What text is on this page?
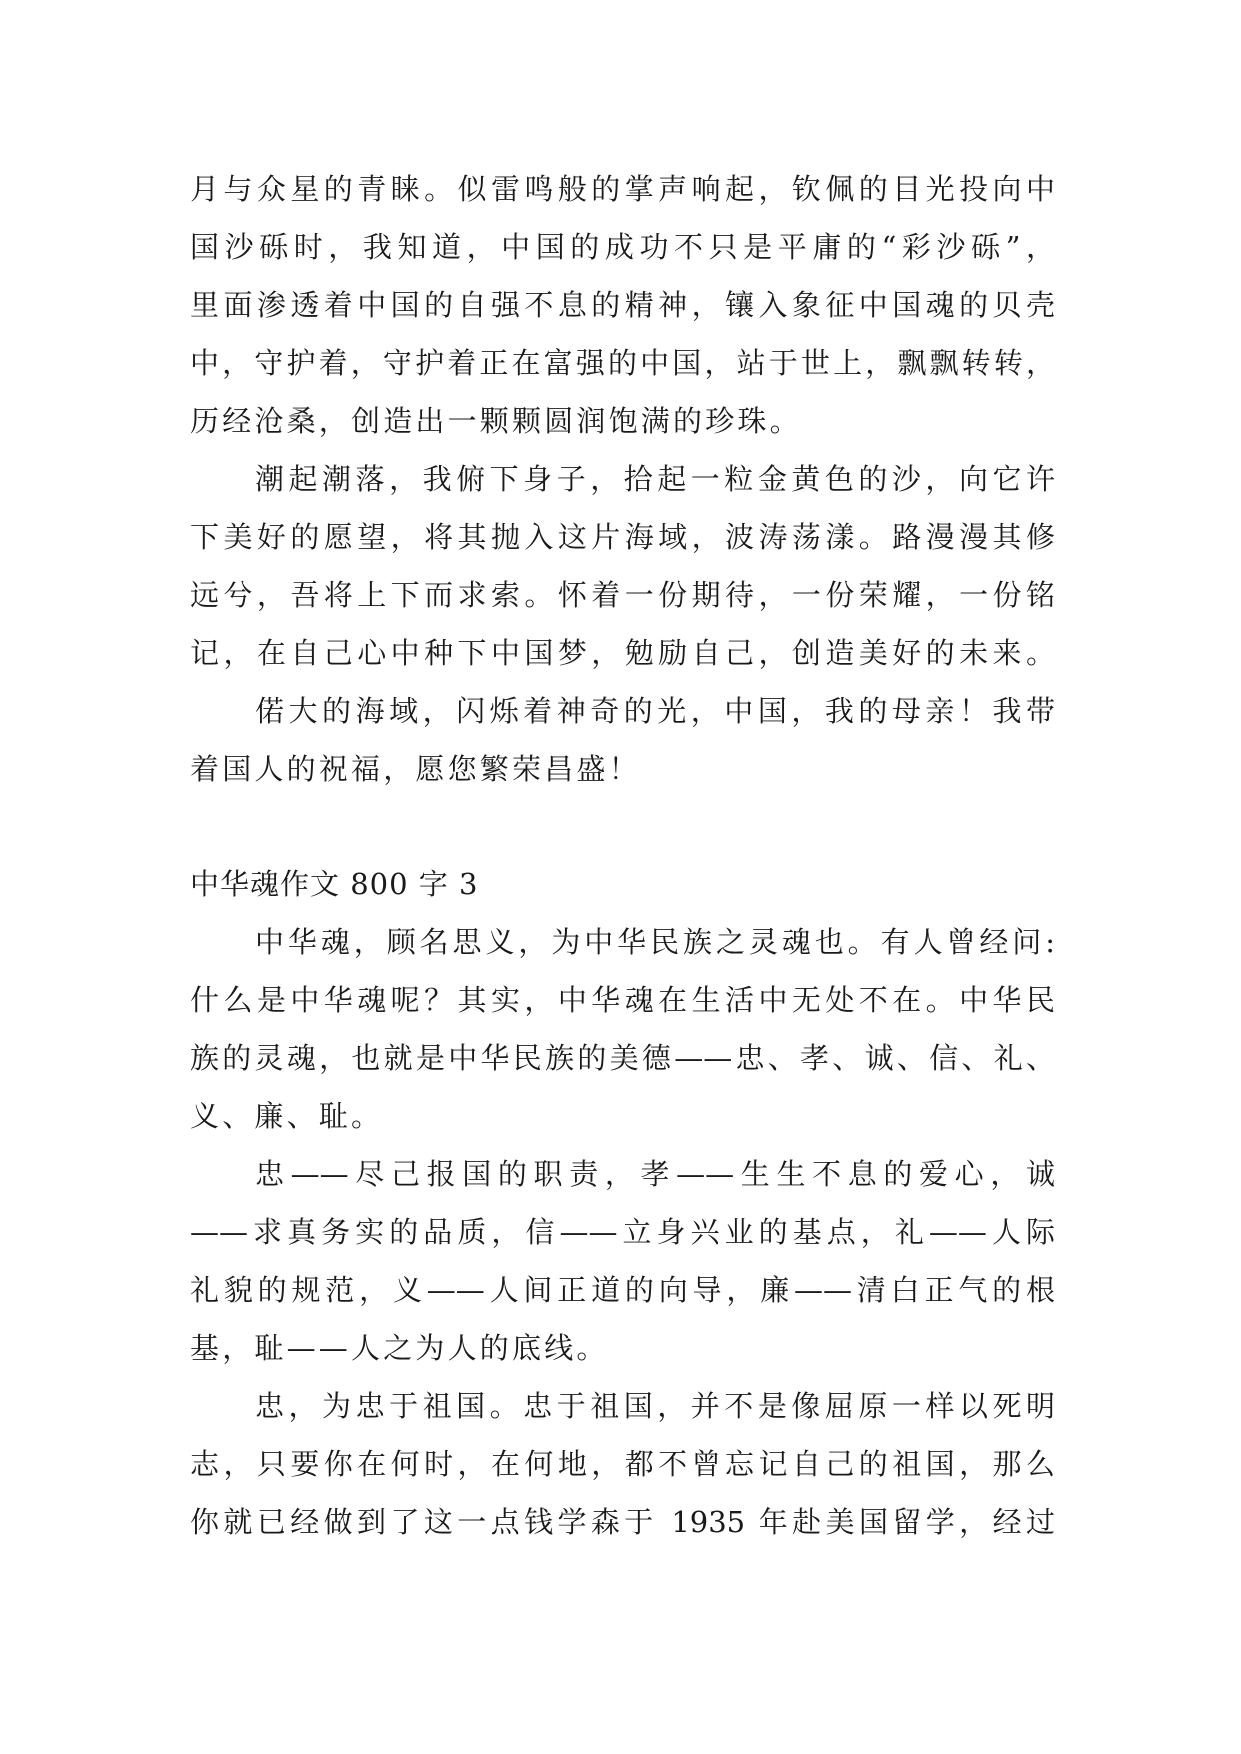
月与众星的青睐。似雷鸣般的掌声响起，钦佩的目光投向中
国沙砾时，我知道，中国的成功不只是平庸的“彩沙砾”，
里面渗透着中国的自强不息的精神，镶入象征中国魂的贝壳
中，守护着，守护着正在富强的中国，站于世上，飘飘转转，
历经沧桑，创造出一颗颗圆润饱满的珍珠。
潮起潮落，我俯下身子，拾起一粒金黄色的沙，向它许
下美好的愿望，将其抛入这片海域，波涛荡漾。路漫漫其修
远兮，吾将上下而求索。怀着一份期待，一份荣耀，一份铭
记，在自己心中种下中国梦，勉励自己，创造美好的未来。
偌大的海域，闪烁着神奇的光，中国，我的母亲！我带
着国人的祝福，愿您繁荣昌盛！
中华魂作文 800 字 3
中华魂，顾名思义，为中华民族之灵魂也。有人曾经问:
什么是中华魂呢？其实，中华魂在生活中无处不在。中华民
族的灵魂，也就是中华民族的美德——忠、孝、诚、信、礼、
义、廉、耻。
忠——尽己报国的职责，孝——生生不息的爱心，诚
——求真务实的品质，信——立身兴业的基点，礼——人际
礼貌的规范，义——人间正道的向导，廉——清白正气的根
基，耻——人之为人的底线。
忠，为忠于祖国。忠于祖国，并不是像屈原一样以死明
志，只要你在何时，在何地，都不曾忘记自己的祖国，那么
你就已经做到了这一点钱学森于 1935 年赴美国留学，经过
